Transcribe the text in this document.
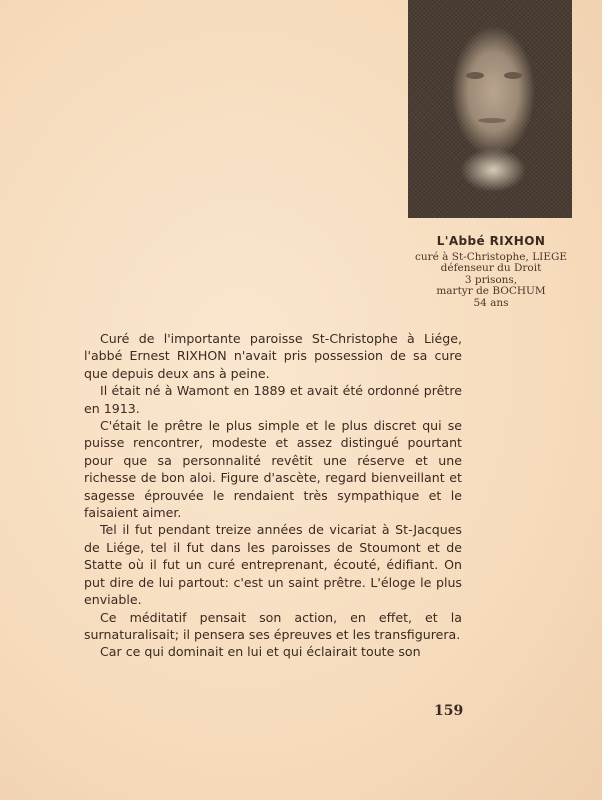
L'Abbé RIXHON
curé à St-Christophe, LIEGE
défenseur du Droit
3 prisons,
martyr de BOCHUM
54 ans

Curé de l'importante paroisse St-Christophe à Liége, l'abbé Ernest RIXHON n'avait pris possession de sa cure que depuis deux ans à peine.

Il était né à Wamont en 1889 et avait été ordonné prêtre en 1913.

C'était le prêtre le plus simple et le plus discret qui se puisse rencontrer, modeste et assez distingué pourtant pour que sa personnalité revêtit une réserve et une richesse de bon aloi. Figure d'ascète, regard bienveillant et sagesse éprouvée le rendaient très sympathique et le faisaient aimer.

Tel il fut pendant treize années de vicariat à St-Jacques de Liége, tel il fut dans les paroisses de Stoumont et de Statte où il fut un curé entreprenant, écouté, édifiant. On put dire de lui partout: c'est un saint prêtre. L'éloge le plus enviable.

Ce méditatif pensait son action, en effet, et la surnaturalisait; il pensera ses épreuves et les transfigurera.

Car ce qui dominait en lui et qui éclairait toute son

159
